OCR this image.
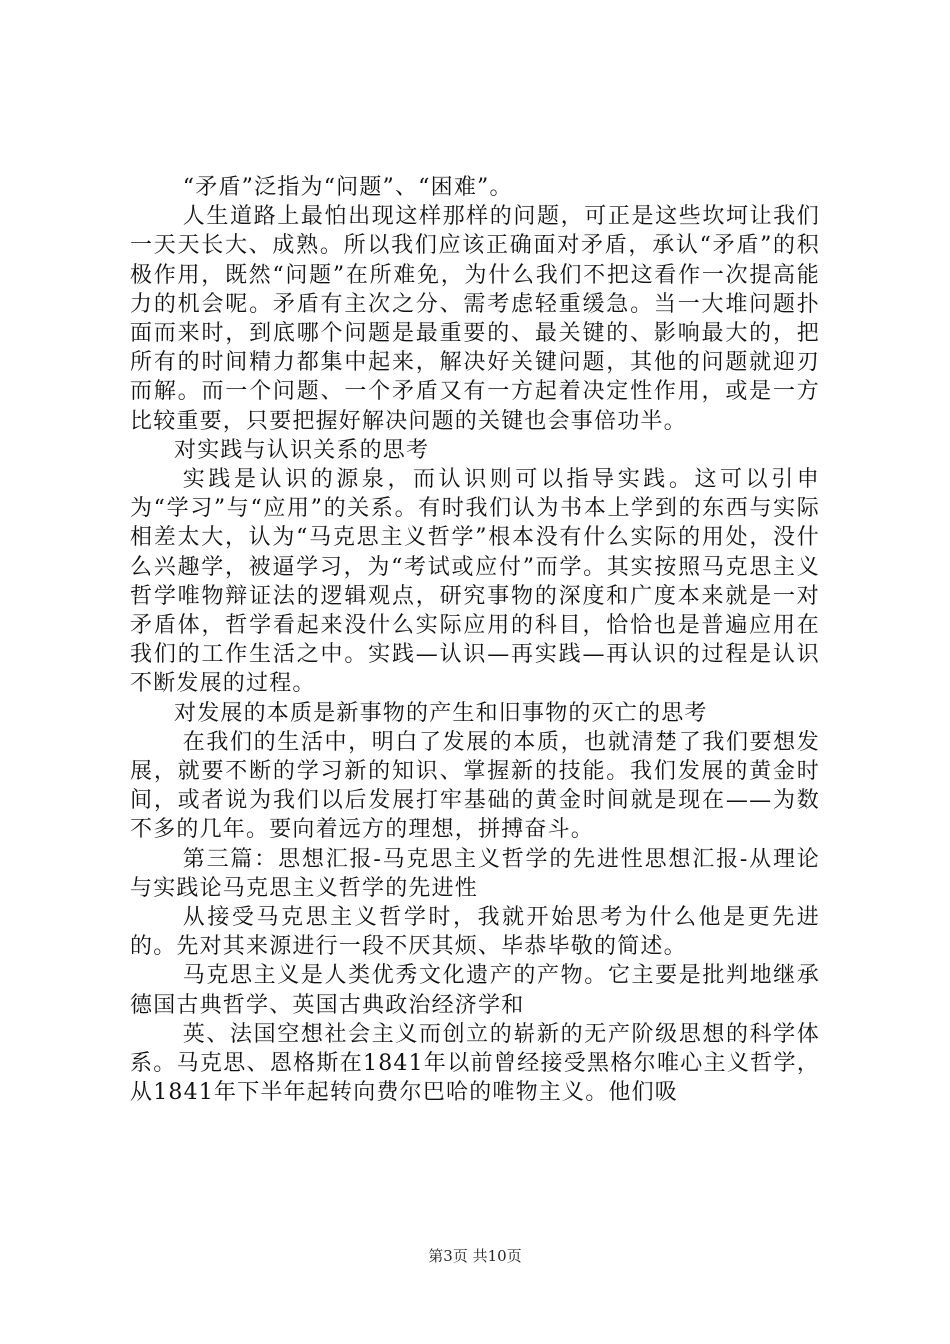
“矛盾”泛指为“问题”、“困难”。

人生道路上最怕出现这样那样的问题，可正是这些坎坷让我们一天天长大、成熟。所以我们应该正确面对矛盾，承认“矛盾”的积极作用，既然“问题”在所难免，为什么我们不把这看作一次提高能力的机会呢。矛盾有主次之分、需考虑轻重缓急。当一大堆问题扑面而来时，到底哪个问题是最重要的、最关键的、影响最大的，把所有的时间精力都集中起来，解决好关键问题，其他的问题就迎刃而解。而一个问题、一个矛盾又有一方起着决定性作用，或是一方比较重要，只要把握好解决问题的关键也会事倍功半。

对实践与认识关系的思考

实践是认识的源泉，而认识则可以指导实践。这可以引申为“学习”与“应用”的关系。有时我们认为书本上学到的东西与实际相差太大，认为“马克思主义哲学”根本没有什么实际的用处，没什么兴趣学，被逼学习，为“考试或应付”而学。其实按照马克思主义哲学唯物辩证法的逻辑观点，研究事物的深度和广度本来就是一对矛盾体，哲学看起来没什么实际应用的科目，恰恰也是普遍应用在我们的工作生活之中。实践—认识—再实践—再认识的过程是认识不断发展的过程。

对发展的本质是新事物的产生和旧事物的灭亡的思考

在我们的生活中，明白了发展的本质，也就清楚了我们要想发展，就要不断的学习新的知识、掌握新的技能。我们发展的黄金时间，或者说为我们以后发展打牢基础的黄金时间就是现在——为数不多的几年。要向着远方的理想，拼搏奋斗。

第三篇：思想汇报-马克思主义哲学的先进性思想汇报-从理论与实践论马克思主义哲学的先进性

从接受马克思主义哲学时，我就开始思考为什么他是更先进的。先对其来源进行一段不厌其烦、毕恭毕敬的简述。

马克思主义是人类优秀文化遗产的产物。它主要是批判地继承德国古典哲学、英国古典政治经济学和

英、法国空想社会主义而创立的崭新的无产阶级思想的科学体系。马克思、恩格斯在1841年以前曾经接受黑格尔唯心主义哲学，从1841年下半年起转向费尔巴哈的唯物主义。他们吸

第3页 共10页
